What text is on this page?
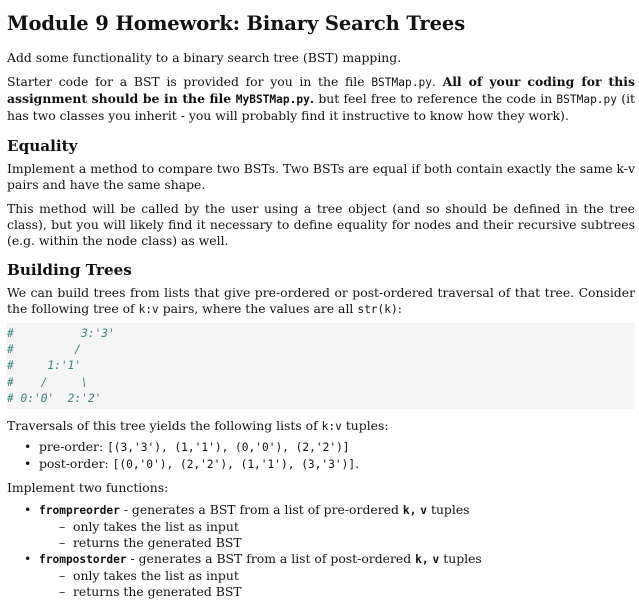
Module 9 Homework: Binary Search Trees

Add some functionality to a binary search tree (BST) mapping.

Starter code for a BST is provided for you in the file BSTMap.py. All of your coding for this assignment should be in the file MyBSTMap.py. but feel free to reference the code in BSTMap.py (it has two classes you inherit - you will probably find it instructive to know how they work).

Equality

Implement a method to compare two BSTs. Two BSTs are equal if both contain exactly the same k-v pairs and have the same shape.

This method will be called by the user using a tree object (and so should be defined in the tree class), but you will likely find it necessary to define equality for nodes and their recursive subtrees (e.g. within the node class) as well.

Building Trees

We can build trees from lists that give pre-ordered or post-ordered traversal of that tree. Consider the following tree of k:v pairs, where the values are all str(k):

#          3:'3'
#         /
#     1:'1'
#    /     \
# 0:'0'  2:'2'

Traversals of this tree yields the following lists of k:v tuples:

• pre-order: [(3,'3'), (1,'1'), (0,'0'), (2,'2')]
• post-order: [(0,'0'), (2,'2'), (1,'1'), (3,'3')].

Implement two functions:

• frompreorder - generates a BST from a list of pre-ordered k, v tuples
– only takes the list as input
– returns the generated BST
• frompostorder - generates a BST from a list of post-ordered k, v tuples
– only takes the list as input
– returns the generated BST
